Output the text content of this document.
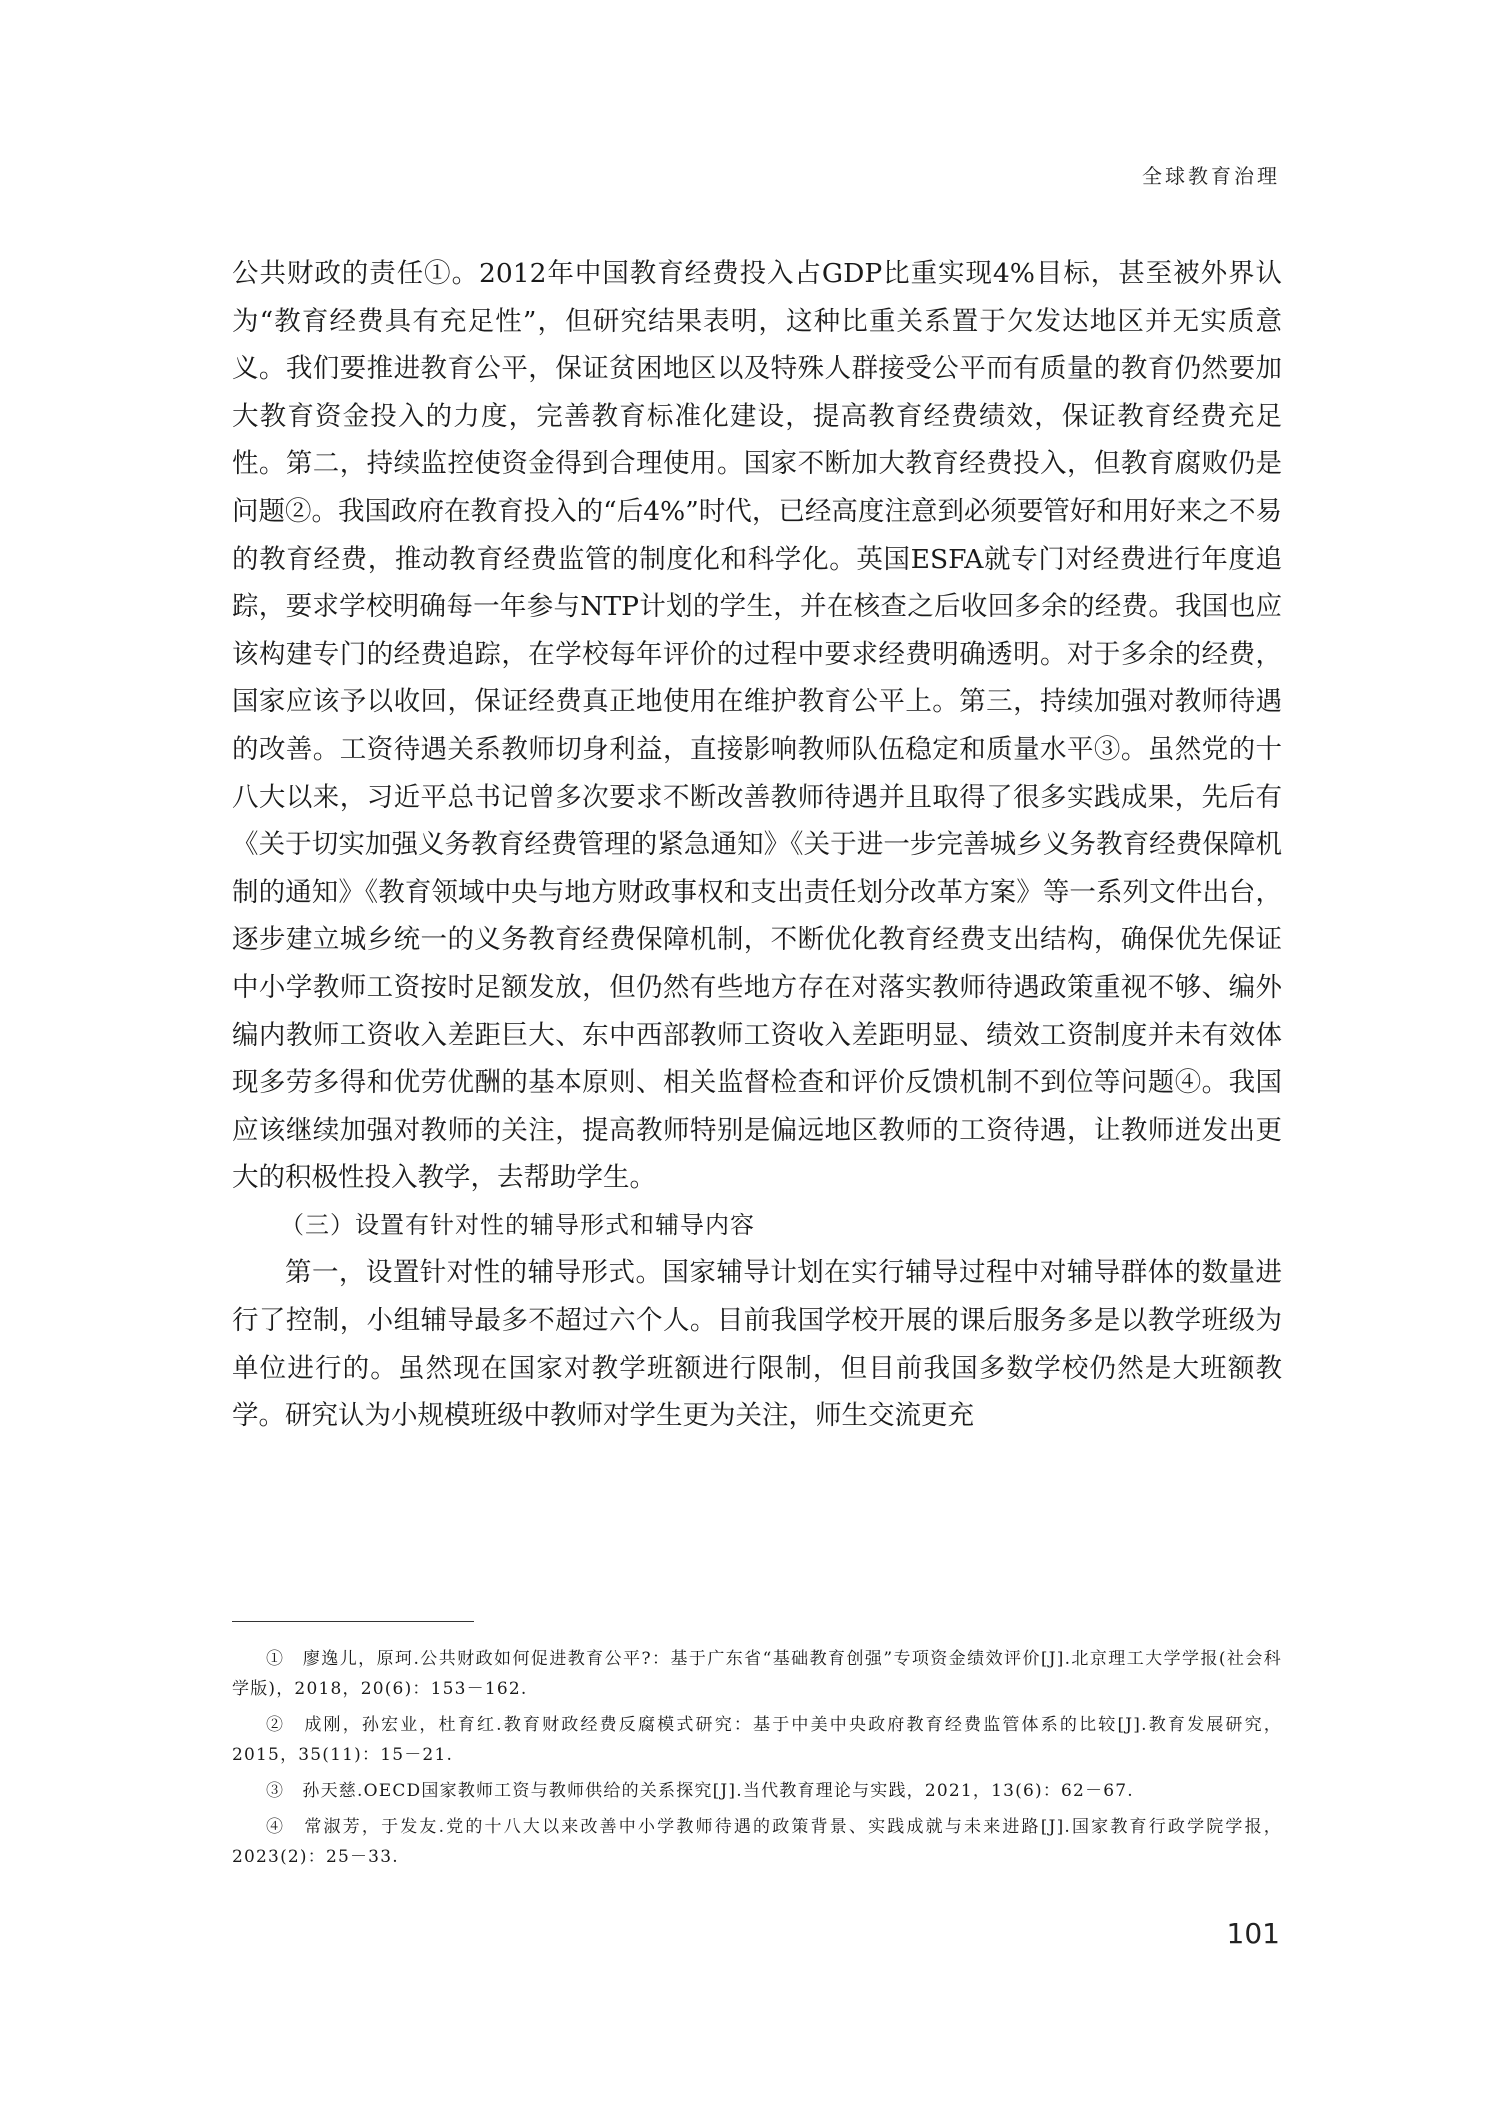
全球教育治理

公共财政的责任①。2012年中国教育经费投入占GDP比重实现4%目标，甚至被外界认为“教育经费具有充足性”，但研究结果表明，这种比重关系置于欠发达地区并无实质意义。我们要推进教育公平，保证贫困地区以及特殊人群接受公平而有质量的教育仍然要加大教育资金投入的力度，完善教育标准化建设，提高教育经费绩效，保证教育经费充足性。第二，持续监控使资金得到合理使用。国家不断加大教育经费投入，但教育腐败仍是问题②。我国政府在教育投入的“后4%”时代，已经高度注意到必须要管好和用好来之不易的教育经费，推动教育经费监管的制度化和科学化。英国ESFA就专门对经费进行年度追踪，要求学校明确每一年参与NTP计划的学生，并在核查之后收回多余的经费。我国也应该构建专门的经费追踪，在学校每年评价的过程中要求经费明确透明。对于多余的经费，国家应该予以收回，保证经费真正地使用在维护教育公平上。第三，持续加强对教师待遇的改善。工资待遇关系教师切身利益，直接影响教师队伍稳定和质量水平③。虽然党的十八大以来，习近平总书记曾多次要求不断改善教师待遇并且取得了很多实践成果，先后有《关于切实加强义务教育经费管理的紧急通知》《关于进一步完善城乡义务教育经费保障机制的通知》《教育领域中央与地方财政事权和支出责任划分改革方案》等一系列文件出台，逐步建立城乡统一的义务教育经费保障机制，不断优化教育经费支出结构，确保优先保证中小学教师工资按时足额发放，但仍然有些地方存在对落实教师待遇政策重视不够、编外编内教师工资收入差距巨大、东中西部教师工资收入差距明显、绩效工资制度并未有效体现多劳多得和优劳优酬的基本原则、相关监督检查和评价反馈机制不到位等问题④。我国应该继续加强对教师的关注，提高教师特别是偏远地区教师的工资待遇，让教师迸发出更大的积极性投入教学，去帮助学生。

（三）设置有针对性的辅导形式和辅导内容

第一，设置针对性的辅导形式。国家辅导计划在实行辅导过程中对辅导群体的数量进行了控制，小组辅导最多不超过六个人。目前我国学校开展的课后服务多是以教学班级为单位进行的。虽然现在国家对教学班额进行限制，但目前我国多数学校仍然是大班额教学。研究认为小规模班级中教师对学生更为关注，师生交流更充

①　廖逸儿，原珂.公共财政如何促进教育公平?：基于广东省“基础教育创强”专项资金绩效评价[J].北京理工大学学报(社会科学版)，2018，20(6)：153－162.

②　成刚，孙宏业，杜育红.教育财政经费反腐模式研究：基于中美中央政府教育经费监管体系的比较[J].教育发展研究，2015，35(11)：15－21.

③　孙天慈.OECD国家教师工资与教师供给的关系探究[J].当代教育理论与实践，2021，13(6)：62－67.

④　常淑芳，于发友.党的十八大以来改善中小学教师待遇的政策背景、实践成就与未来进路[J].国家教育行政学院学报，2023(2)：25－33.

101
